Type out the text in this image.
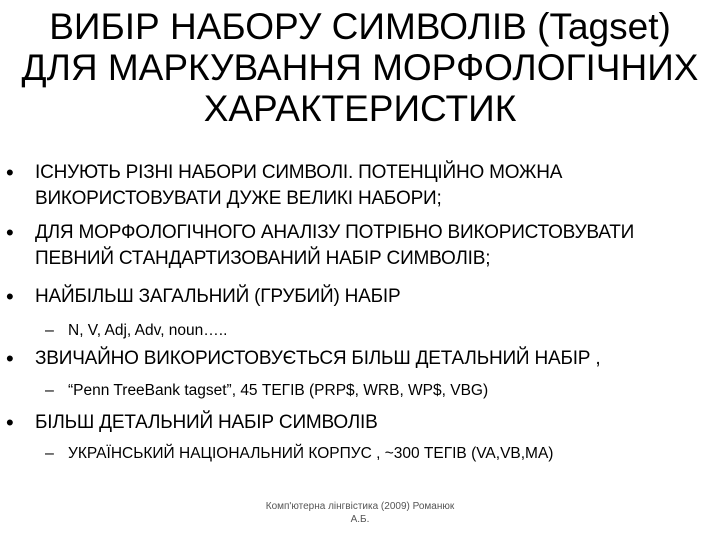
ВИБІР НАБОРУ СИМВОЛІВ (Tagset)
ДЛЯ МАРКУВАННЯ МОРФОЛОГІЧНИХ
ХАРАКТЕРИСТИК
• ІСНУЮТЬ РІЗНІ НАБОРИ СИМВОЛІ. ПОТЕНЦІЙНО МОЖНА
ВИКОРИСТОВУВАТИ ДУЖЕ ВЕЛИКІ НАБОРИ;
• ДЛЯ МОРФОЛОГІЧНОГО АНАЛІЗУ ПОТРІБНО ВИКОРИСТОВУВАТИ
ПЕВНИЙ СТАНДАРТИЗОВАНИЙ НАБІР СИМВОЛІВ;
• НАЙБІЛЬШ ЗАГАЛЬНИЙ (ГРУБИЙ) НАБІР
– N, V, Adj, Adv, noun…..
• ЗВИЧАЙНО ВИКОРИСТОВУЄТЬСЯ БІЛЬШ ДЕТАЛЬНИЙ НАБІР ,
– “Penn TreeBank tagset”, 45 ТЕГІВ (PRP$, WRB, WP$, VBG)
• БІЛЬШ ДЕТАЛЬНИЙ НАБІР СИМВОЛІВ
– УКРАЇНСЬКИЙ НАЦІОНАЛЬНИЙ КОРПУС , ~300 ТЕГІВ (VA,VB,MA)
Комп'ютерна лінгвістика (2009) Романюк
А.Б.
